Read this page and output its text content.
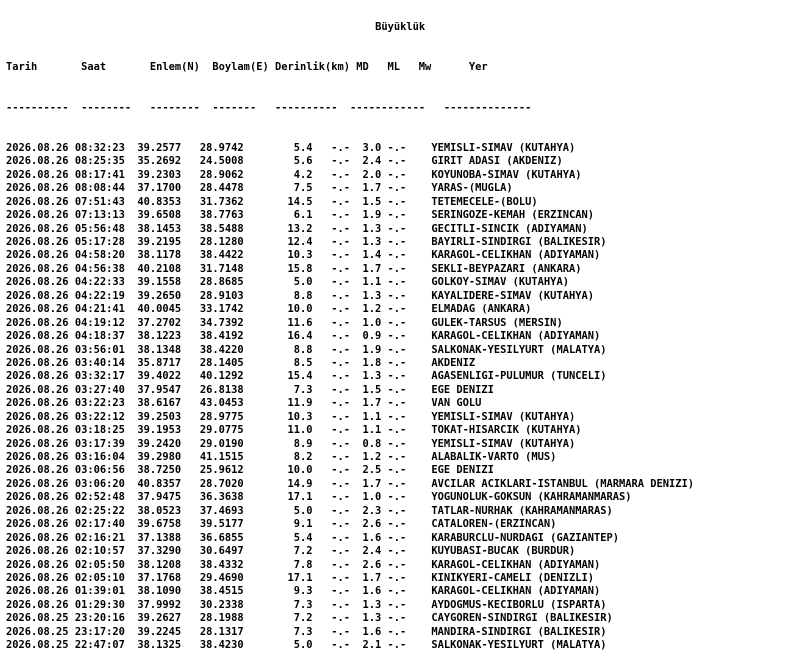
Büyüklük

Tarih	Saat	Enlem(N) Boylam(E) Derinlik(km) MD ML Mw	Yer

---------- -------- -------- ------- ---------- ------------ --------------

2026.08.26 08:32:23 39.2577 28.9742	5.4 -.- 3.0 -.- YEMISLI-SIMAV (KUTAHYA)
2026.08.26 08:25:35 35.2692 24.5008	5.6 -.- 2.4 -.- GIRIT ADASI (AKDENIZ)
2026.08.26 08:17:41 39.2303 28.9062	4.2 -.- 2.0 -.- KOYUNOBA-SIMAV (KUTAHYA)
2026.08.26 08:08:44 37.1700 28.4478	7.5 -.- 1.7 -.- YARAS-(MUGLA)
2026.08.26 07:51:43 40.8353 31.7362	14.5 -.- 1.5 -.- TETEMECELE-(BOLU)
2026.08.26 07:13:13 39.6508 38.7763	6.1 -.- 1.9 -.- SERINGOZE-KEMAH (ERZINCAN)
2026.08.26 05:56:48 38.1453 38.5488	13.2 -.- 1.3 -.- GECITLI-SINCIK (ADIYAMAN)
2026.08.26 05:17:28 39.2195 28.1280	12.4 -.- 1.3 -.- BAYIRLI-SINDIRGI (BALIKESIR)
2026.08.26 04:58:20 38.1178 38.4422	10.3 -.- 1.4 -.- KARAGOL-CELIKHAN (ADIYAMAN)
2026.08.26 04:56:38 40.2108 31.7148	15.8 -.- 1.7 -.- SEKLI-BEYPAZARI (ANKARA)
2026.08.26 04:22:33 39.1558 28.8685	5.0 -.- 1.1 -.- GOLKOY-SIMAV (KUTAHYA)
2026.08.26 04:22:19 39.2650 28.9103	8.8 -.- 1.3 -.- KAYALIDERE-SIMAV (KUTAHYA)
2026.08.26 04:21:41 40.0045 33.1742	10.0 -.- 1.2 -.- ELMADAG (ANKARA)
2026.08.26 04:19:12 37.2702 34.7392	11.6 -.- 1.0 -.- GULEK-TARSUS (MERSIN)
2026.08.26 04:18:37 38.1223 38.4192	16.4 -.- 0.9 -.- KARAGOL-CELIKHAN (ADIYAMAN)
2026.08.26 03:56:01 38.1348 38.4220	8.8 -.- 1.9 -.- SALKONAK-YESILYURT (MALATYA)
2026.08.26 03:40:14 35.8717 28.1405	8.5 -.- 1.8 -.- AKDENIZ
2026.08.26 03:32:17 39.4022 40.1292	15.4 -.- 1.3 -.- AGASENLIGI-PULUMUR (TUNCELI)
2026.08.26 03:27:40 37.9547 26.8138	7.3 -.- 1.5 -.- EGE DENIZI
2026.08.26 03:22:23 38.6167 43.0453	11.9 -.- 1.7 -.- VAN GOLU
2026.08.26 03:22:12 39.2503 28.9775	10.3 -.- 1.1 -.- YEMISLI-SIMAV (KUTAHYA)
2026.08.26 03:18:25 39.1953 29.0775	11.0 -.- 1.1 -.- TOKAT-HISARCIK (KUTAHYA)
2026.08.26 03:17:39 39.2420 29.0190	8.9 -.- 0.8 -.- YEMISLI-SIMAV (KUTAHYA)
2026.08.26 03:16:04 39.2980 41.1515	8.2 -.- 1.2 -.- ALABALIK-VARTO (MUS)
2026.08.26 03:06:56 38.7250 25.9612	10.0 -.- 2.5 -.- EGE DENIZI
2026.08.26 03:06:20 40.8357 28.7020	14.9 -.- 1.7 -.- AVCILAR ACIKLARI-ISTANBUL (MARMARA DENIZI)
2026.08.26 02:52:48 37.9475 36.3638	17.1 -.- 1.0 -.- YOGUNOLUK-GOKSUN (KAHRAMANMARAS)
2026.08.26 02:25:22 38.0523 37.4693	5.0 -.- 2.3 -.- TATLAR-NURHAK (KAHRAMANMARAS)
2026.08.26 02:17:40 39.6758 39.5177	9.1 -.- 2.6 -.- CATALOREN-(ERZINCAN)
2026.08.26 02:16:21 37.1388 36.6855	5.4 -.- 1.6 -.- KARABURCLU-NURDAGI (GAZIANTEP)
2026.08.26 02:10:57 37.3290 30.6497	7.2 -.- 2.4 -.- KUYUBASI-BUCAK (BURDUR)
2026.08.26 02:05:50 38.1208 38.4332	7.8 -.- 2.6 -.- KARAGOL-CELIKHAN (ADIYAMAN)
2026.08.26 02:05:10 37.1768 29.4690	17.1 -.- 1.7 -.- KINIKYERI-CAMELI (DENIZLI)
2026.08.26 01:39:01 38.1090 38.4515	9.3 -.- 1.6 -.- KARAGOL-CELIKHAN (ADIYAMAN)
2026.08.26 01:29:30 37.9992 30.2338	7.3 -.- 1.3 -.- AYDOGMUS-KECIBORLU (ISPARTA)
2026.08.25 23:20:16 39.2627 28.1988	7.2 -.- 1.3 -.- CAYGOREN-SINDIRGI (BALIKESIR)
2026.08.25 23:17:20 39.2245 28.1317	7.3 -.- 1.6 -.- MANDIRA-SINDIRGI (BALIKESIR)
2026.08.25 22:47:07 38.1325 38.4230	5.0 -.- 2.1 -.- SALKONAK-YESILYURT (MALATYA)
